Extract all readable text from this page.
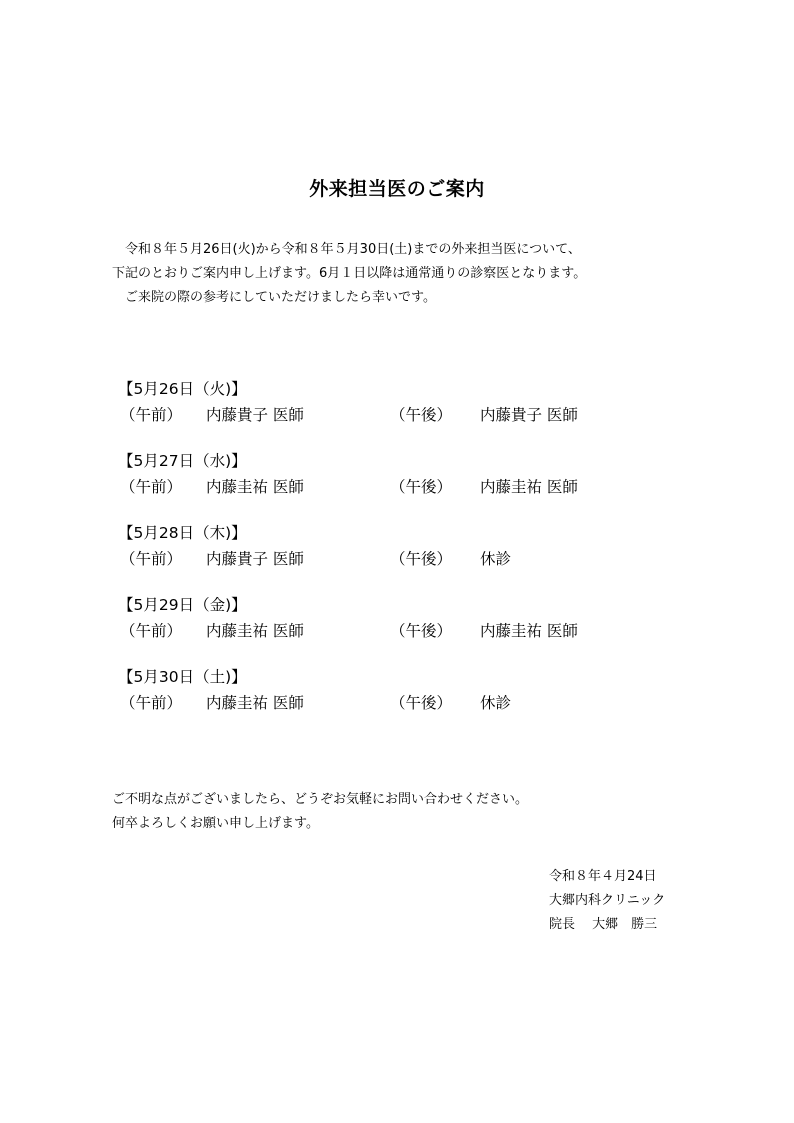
外来担当医のご案内
令和８年５月26日(火)から令和８年５月30日(土)までの外来担当医について、
下記のとおりご案内申し上げます。6月１日以降は通常通りの診察医となります。
ご来院の際の参考にしていただけましたら幸いです。
【5月26日（火)】
（午前） 内藤貴子 医師	（午後） 内藤貴子 医師
【5月27日（水)】
（午前） 内藤圭祐 医師	（午後） 内藤圭祐 医師
【5月28日（木)】
（午前） 内藤貴子 医師	（午後） 休診
【5月29日（金)】
（午前） 内藤圭祐 医師	（午後） 内藤圭祐 医師
【5月30日（土)】
（午前） 内藤圭祐 医師	（午後） 休診
ご不明な点がございましたら、どうぞお気軽にお問い合わせください。
何卒よろしくお願い申し上げます。
令和８年４月24日
大郷内科クリニック
院長　 大郷　勝三
